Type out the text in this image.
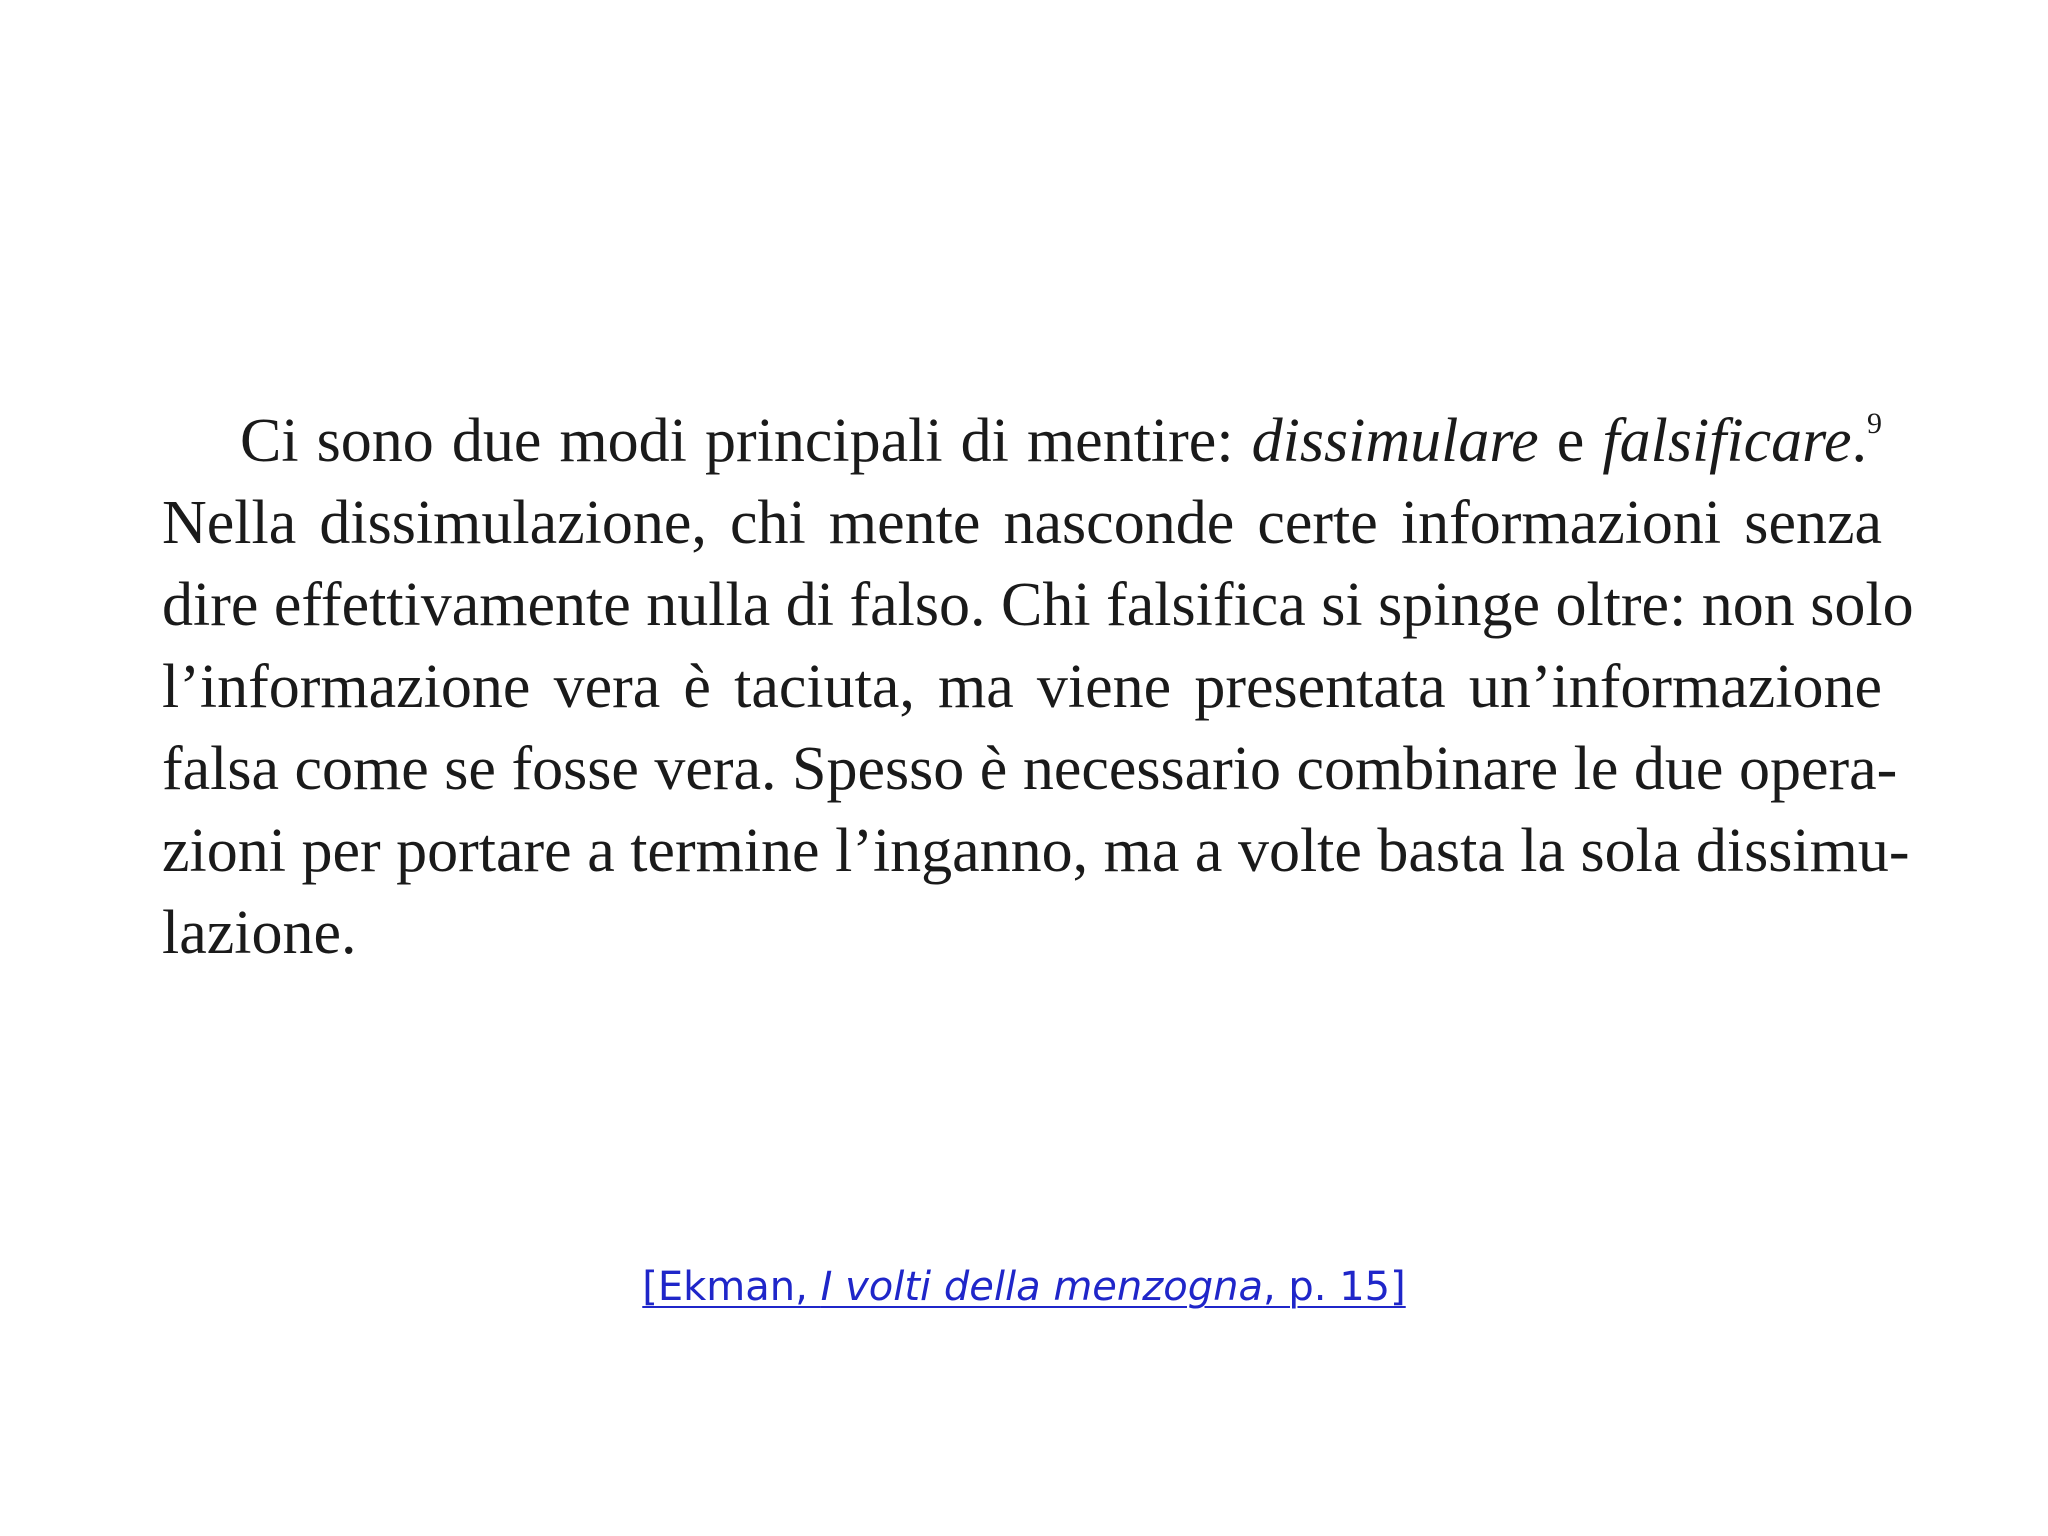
Ci sono due modi principali di mentire: dissimulare e falsificare.$^9$
Nella dissimulazione, chi mente nasconde certe informazioni senza
dire effettivamente nulla di falso. Chi falsifica si spinge oltre: non solo
l’informazione vera è taciuta, ma viene presentata un’informazione
falsa come se fosse vera. Spesso è necessario combinare le due opera-
zioni per portare a termine l’inganno, ma a volte basta la sola dissimu-
lazione.
[Ekman, I volti della menzogna, p. 15]
